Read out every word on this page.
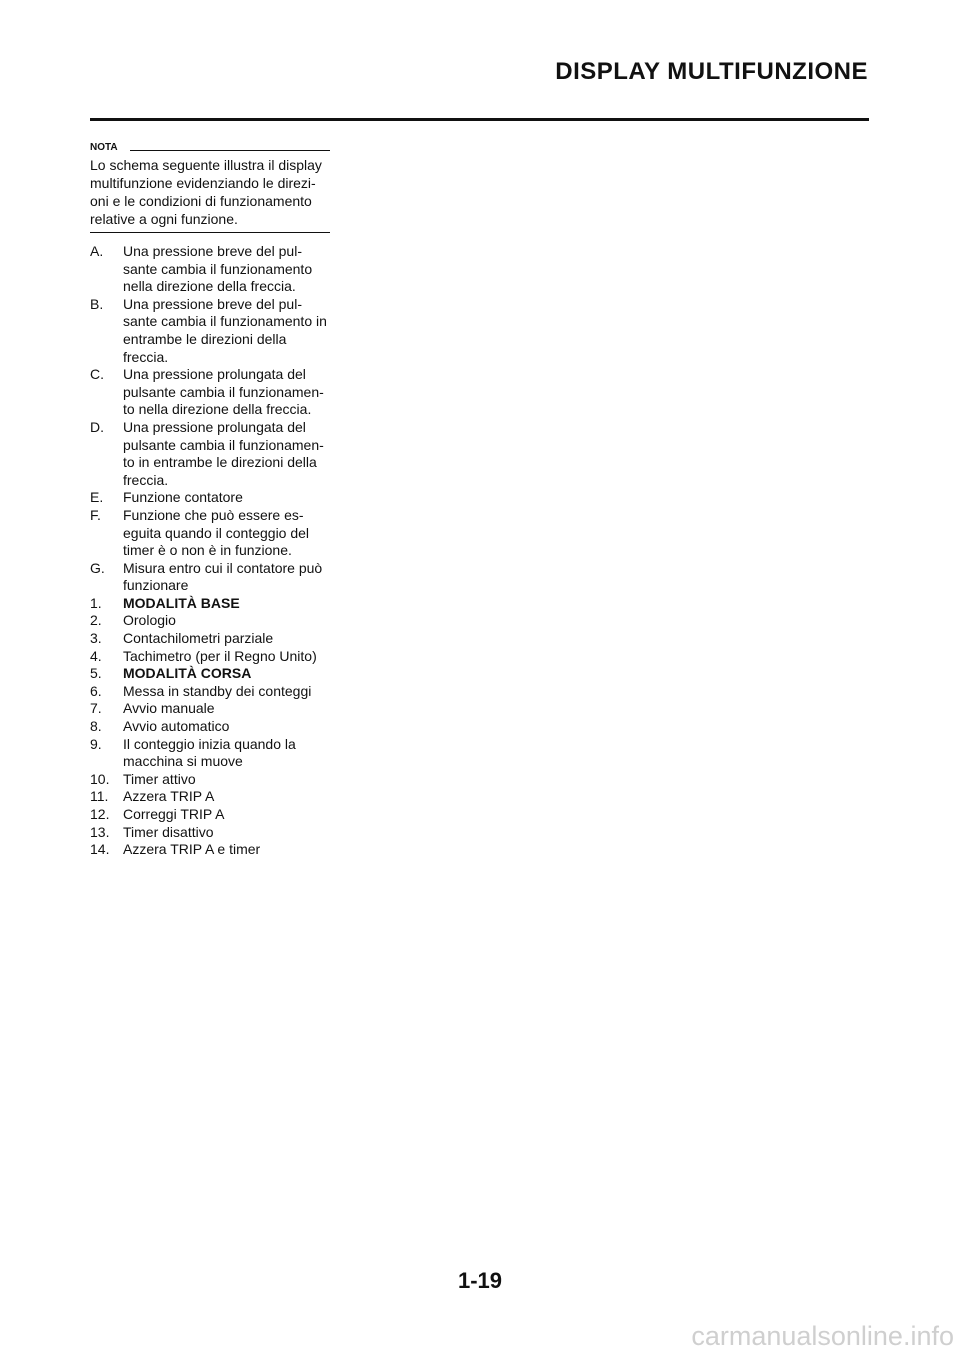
DISPLAY MULTIFUNZIONE
NOTA

Lo schema seguente illustra il display multifunzione evidenziando le direzi-oni e le condizioni di funzionamento relative a ogni funzione.

A.	Una pressione breve del pul-sante cambia il funzionamento nella direzione della freccia.
B.	Una pressione breve del pul-sante cambia il funzionamento in entrambe le direzioni della freccia.
C.	Una pressione prolungata del pulsante cambia il funzionamen-to nella direzione della freccia.
D.	Una pressione prolungata del pulsante cambia il funzionamen-to in entrambe le direzioni della freccia.
E.	Funzione contatore
F.	Funzione che può essere es-eguita quando il conteggio del timer è o non è in funzione.
G.	Misura entro cui il contatore può funzionare
1.	MODALITÀ BASE
2.	Orologio
3.	Contachilometri parziale
4.	Tachimetro (per il Regno Unito)
5.	MODALITÀ CORSA
6.	Messa in standby dei conteggi
7.	Avvio manuale
8.	Avvio automatico
9.	Il conteggio inizia quando la macchina si muove
10. Timer attivo
11.	Azzera TRIP A
12. Correggi TRIP A
13. Timer disattivo
14. Azzera TRIP A e timer

1-19

carmanualsonline.info
